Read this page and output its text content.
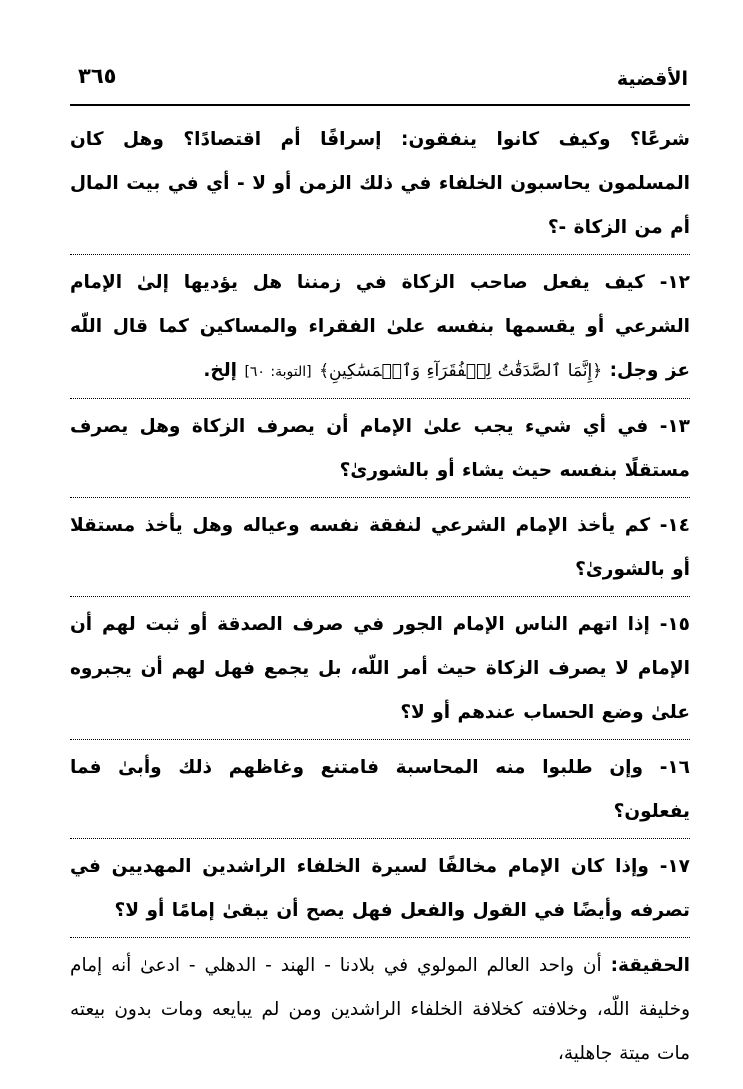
الأقضية
٣٦٥

شرعًا؟ وكيف كانوا ينفقون: إسرافًا أم اقتصادًا؟ وهل كان المسلمون يحاسبون الخلفاء في ذلك الزمن أو لا - أي في بيت المال أم من الزكاة -؟

١٢- كيف يفعل صاحب الزكاة في زمننا هل يؤديها إلىٰ الإمام الشرعي أو يقسمها بنفسه علىٰ الفقراء والمساكين كما قال اللّه عز وجل: ﴿إِنَّمَا ٱلصَّدَقَٰتُ لِلۡفُقَرَآءِ وَٱلۡمَسَٰكِينِ﴾ [التوبة: ٦٠] إلخ.

١٣- في أي شيء يجب علىٰ الإمام أن يصرف الزكاة وهل يصرف مستقلًا بنفسه حيث يشاء أو بالشورىٰ؟

١٤- كم يأخذ الإمام الشرعي لنفقة نفسه وعياله وهل يأخذ مستقلا أو بالشورىٰ؟

١٥- إذا اتهم الناس الإمام الجور في صرف الصدقة أو ثبت لهم أن الإمام لا يصرف الزكاة حيث أمر اللّه، بل يجمع فهل لهم أن يجبروه علىٰ وضع الحساب عندهم أو لا؟

١٦- وإن طلبوا منه المحاسبة فامتنع وغاظهم ذلك وأبىٰ فما يفعلون؟

١٧- وإذا كان الإمام مخالفًا لسيرة الخلفاء الراشدين المهديين في تصرفه وأيضًا في القول والفعل فهل يصح أن يبقىٰ إمامًا أو لا؟

الحقيقة: أن واحد العالم المولوي في بلادنا - الهند - الدهلي - ادعىٰ أنه إمام وخليفة اللّه، وخلافته كخلافة الخلفاء الراشدين ومن لم يبايعه ومات بدون بيعته مات ميتة جاهلية،
